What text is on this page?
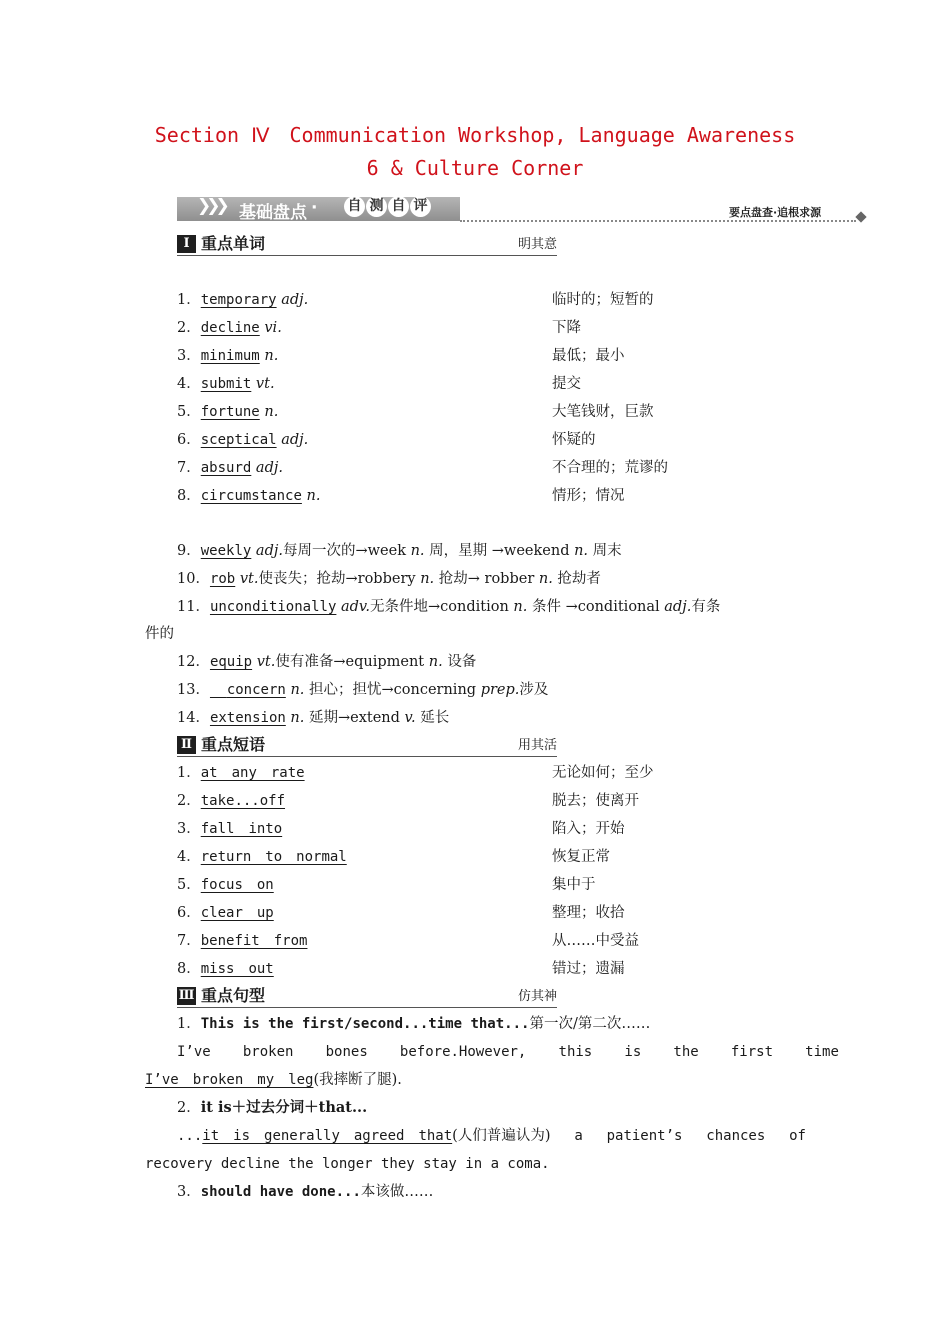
Section Ⅳ　Communication Workshop, Language Awareness
6 & Culture Corner
❯❯❯ 基础盘点 · 自 测 自 评	要点盘查·追根求源
Ⅰ 重点单词	明其意
1．temporary adj.	临时的；短暂的
2．decline vi.	下降
3．minimum n.	最低；最小
4．submit vt.	提交
5．fortune n.	大笔钱财，巨款
6．sceptical adj.	怀疑的
7．absurd adj.	不合理的；荒谬的
8．circumstance n.	情形；情况
9．weekly adj.每周一次的→week n. 周，星期 →weekend n. 周末
10．rob vt.使丧失；抢劫→robbery n. 抢劫→ robber n. 抢劫者
11．unconditionally adv.无条件地→condition n. 条件 →conditional adj.有条
件的
12．equip vt.使有准备→equipment n. 设备
13． concern n. 担心；担忧→concerning prep.涉及
14．extension n. 延期→extend v. 延长
Ⅱ 重点短语	用其活
1．at　any　rate	无论如何；至少
2．take...off	脱去；使离开
3．fall　into	陷入；开始
4．return　to　normal	恢复正常
5．focus　on	集中于
6．clear　up	整理；收拾
7．benefit　from	从……中受益
8．miss　out	错过；遗漏
Ⅲ 重点句型	仿其神
1．This is the first/second...time that...第一次/第二次……
I’ve broken bones before.However, this is the first time
I’ve　broken　my　leg(我摔断了腿).
2．it is＋过去分词＋that...
...it　is　generally　agreed　that(人们普遍认为) a patient’s chances of
recovery decline the longer they stay in a coma.
3．should have done...本该做……
